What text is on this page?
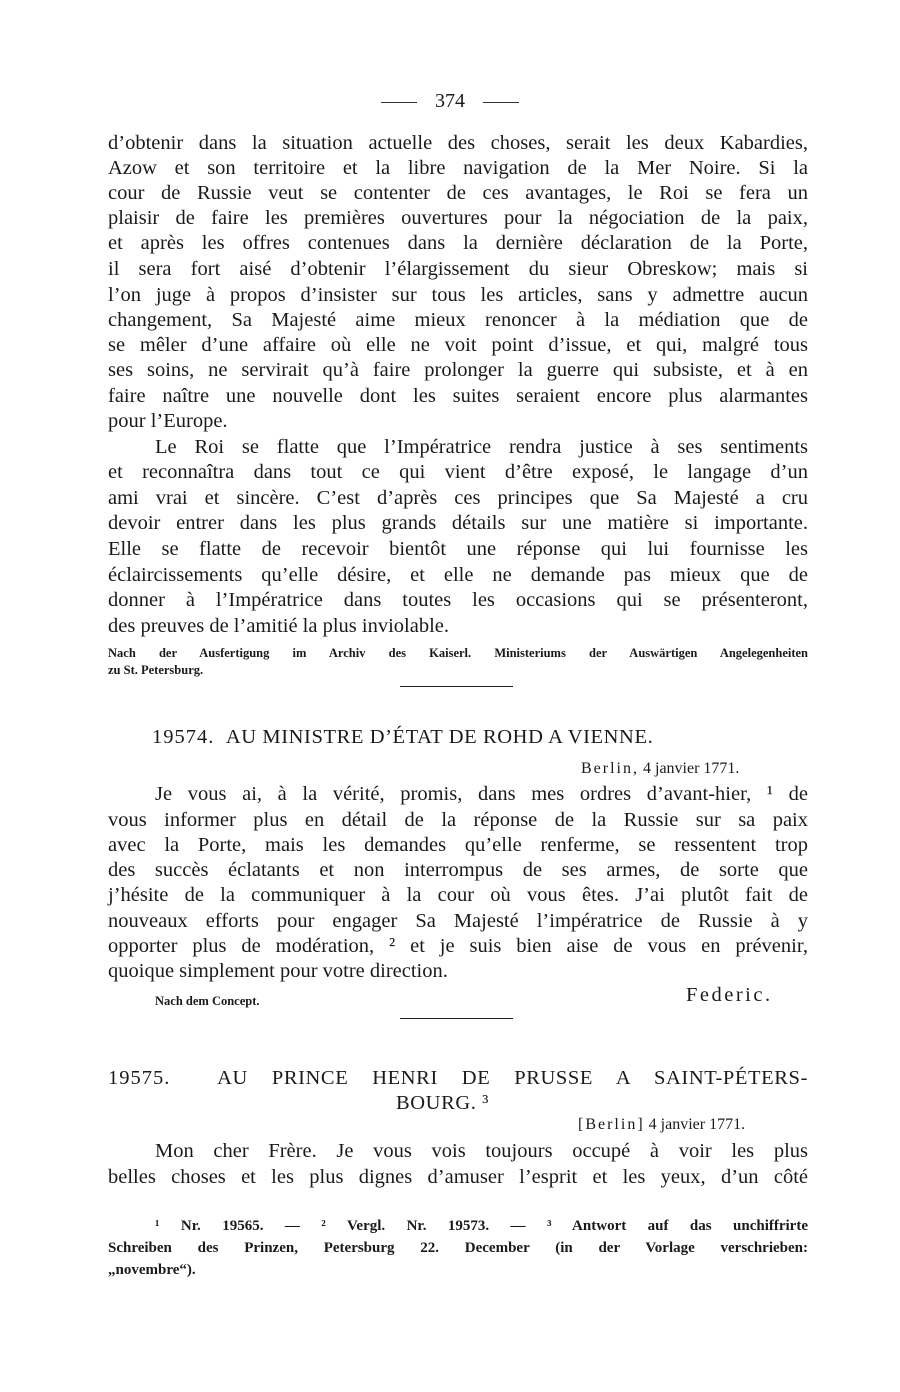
374
d’obtenir dans la situation actuelle des choses, serait les deux Kabardies,
Azow et son territoire et la libre navigation de la Mer Noire. Si la
cour de Russie veut se contenter de ces avantages, le Roi se fera un
plaisir de faire les premières ouvertures pour la négociation de la paix,
et après les offres contenues dans la dernière déclaration de la Porte,
il sera fort aisé d’obtenir l’élargissement du sieur Obreskow; mais si
l’on juge à propos d’insister sur tous les articles, sans y admettre aucun
changement, Sa Majesté aime mieux renoncer à la médiation que de
se mêler d’une affaire où elle ne voit point d’issue, et qui, malgré tous
ses soins, ne servirait qu’à faire prolonger la guerre qui subsiste, et à en
faire naître une nouvelle dont les suites seraient encore plus alarmantes
pour l’Europe.
Le Roi se flatte que l’Impératrice rendra justice à ses sentiments
et reconnaîtra dans tout ce qui vient d’être exposé, le langage d’un
ami vrai et sincère. C’est d’après ces principes que Sa Majesté a cru
devoir entrer dans les plus grands détails sur une matière si importante.
Elle se flatte de recevoir bientôt une réponse qui lui fournisse les
éclaircissements qu’elle désire, et elle ne demande pas mieux que de
donner à l’Impératrice dans toutes les occasions qui se présenteront,
des preuves de l’amitié la plus inviolable.
Nach der Ausfertigung im Archiv des Kaiserl. Ministeriums der Auswärtigen Angelegenheiten
zu St. Petersburg.
19574. AU MINISTRE D’ÉTAT DE ROHD A VIENNE.
Berlin, 4 janvier 1771.
Je vous ai, à la vérité, promis, dans mes ordres d’avant-hier, ¹ de
vous informer plus en détail de la réponse de la Russie sur sa paix
avec la Porte, mais les demandes qu’elle renferme, se ressentent trop
des succès éclatants et non interrompus de ses armes, de sorte que
j’hésite de la communiquer à la cour où vous êtes. J’ai plutôt fait de
nouveaux efforts pour engager Sa Majesté l’impératrice de Russie à y
opporter plus de modération, ² et je suis bien aise de vous en prévenir,
quoique simplement pour votre direction.
Nach dem Concept.	Federic.
19575. AU PRINCE HENRI DE PRUSSE A SAINT-PÉTERS-
BOURG. ³
[Berlin] 4 janvier 1771.
Mon cher Frère. Je vous vois toujours occupé à voir les plus
belles choses et les plus dignes d’amuser l’esprit et les yeux, d’un côté
¹ Nr. 19565. — ² Vergl. Nr. 19573. — ³ Antwort auf das unchiffrirte
Schreiben des Prinzen, Petersburg 22. December (in der Vorlage verschrieben:
„novembre“).
